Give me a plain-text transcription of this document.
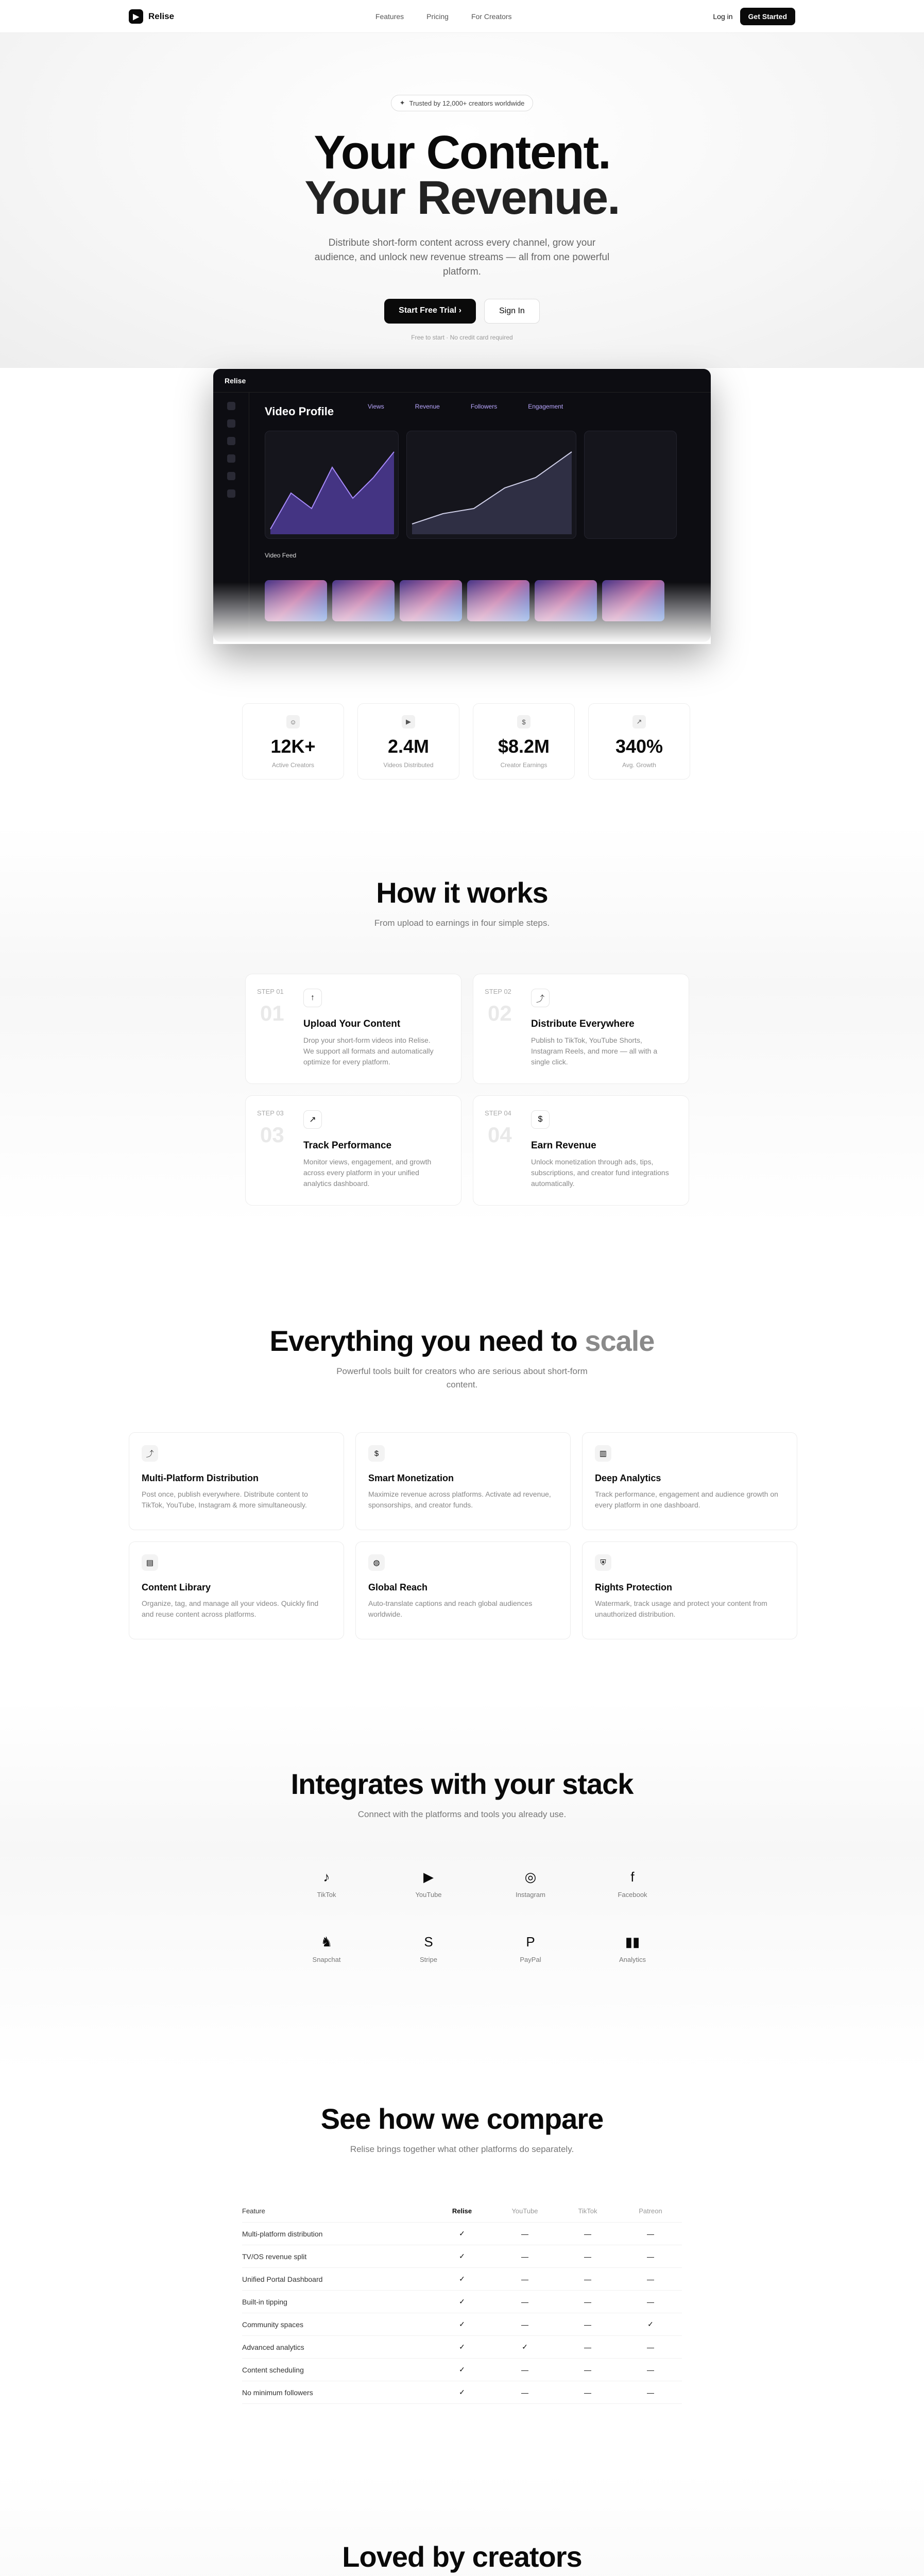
▶	Relise	Features	Pricing	For Creators	Log in	Get Started
✦ Trusted by 12,000+ creators worldwide
Your Content.
Your Revenue.

Distribute short-form content across every channel, grow your audience, and unlock new revenue streams — all from one powerful platform.

Start Free Trial ›	Sign In
Free to start · No credit card required
Relise
Video Profile	Views	Revenue	Followers	Engagement
Video Feed
☺
12K+
Active Creators
▶
2.4M
Videos Distributed
$
$8.2M
Creator Earnings
↗
340%
Avg. Growth
How it works

From upload to earnings in four simple steps.

STEP 01
01
↑
Upload Your Content

Drop your short-form videos into Relise. We support all formats and automatically optimize for every platform.

STEP 02
02
⤴
Distribute Everywhere

Publish to TikTok, YouTube Shorts, Instagram Reels, and more — all with a single click.

STEP 03
03
↗
Track Performance

Monitor views, engagement, and growth across every platform in your unified analytics dashboard.

STEP 04
04
$
Earn Revenue

Unlock monetization through ads, tips, subscriptions, and creator fund integrations automatically.

Everything you need to scale

Powerful tools built for creators who are serious about short-form content.

⤴
Multi-Platform Distribution

Post once, publish everywhere. Distribute content to TikTok, YouTube, Instagram & more simultaneously.

$
Smart Monetization

Maximize revenue across platforms. Activate ad revenue, sponsorships, and creator funds.

▥
Deep Analytics

Track performance, engagement and audience growth on every platform in one dashboard.

▤
Content Library

Organize, tag, and manage all your videos. Quickly find and reuse content across platforms.

◍
Global Reach

Auto-translate captions and reach global audiences worldwide.

⛨
Rights Protection

Watermark, track usage and protect your content from unauthorized distribution.

Integrates with your stack

Connect with the platforms and tools you already use.

♪
TikTok
▶
YouTube
◎
Instagram
f
Facebook
♞
Snapchat
S
Stripe
P
PayPal
▮▮
Analytics
See how we compare

Relise brings together what other platforms do separately.

Feature	Relise	YouTube	TikTok	Patreon
Multi-platform distribution	✓	—	—	—
TV/OS revenue split	✓	—	—	—
Unified Portal Dashboard	✓	—	—	—
Built-in tipping	✓	—	—	—
Community spaces	✓	—	—	✓
Advanced analytics	✓	✓	—	—
Content scheduling	✓	—	—	—
No minimum followers	✓	—	—	—
Loved by creators
